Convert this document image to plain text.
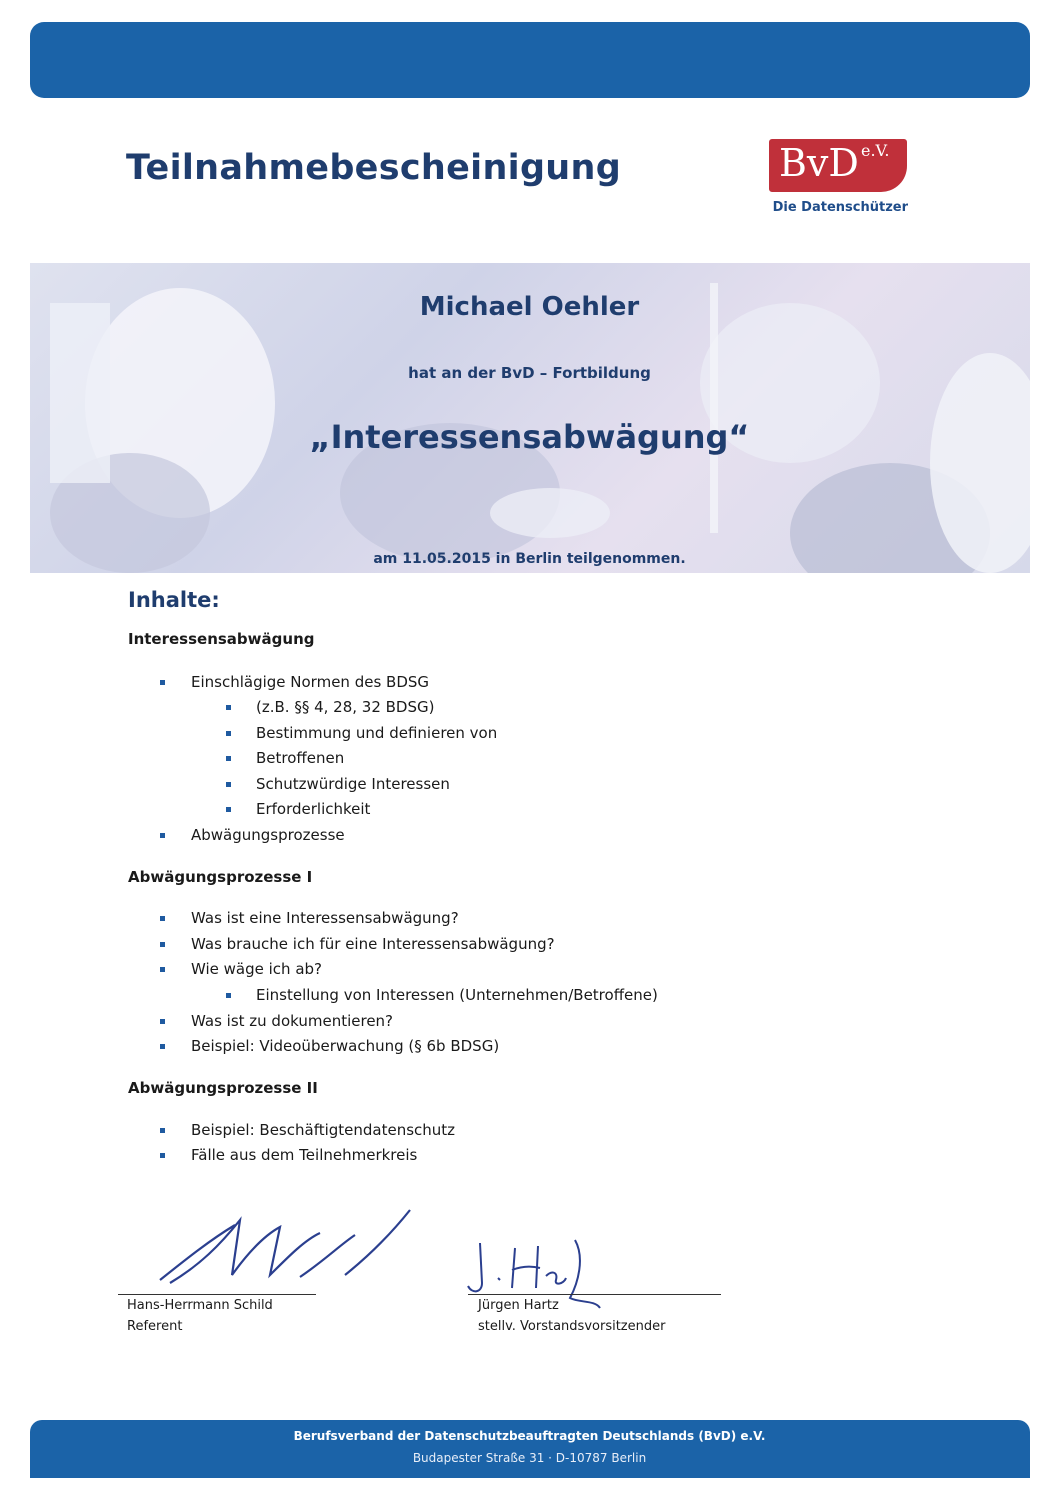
Teilnahmebescheinigung	BvD e.V.
Die Datenschützer
Michael Oehler
hat an der BvD – Fortbildung
„Interessensabwägung“
am 11.05.2015 in Berlin teilgenommen.
Inhalte:
Interessensabwägung
Einschlägige Normen des BDSG
(z.B. §§ 4, 28, 32 BDSG)
Bestimmung und definieren von
Betroffenen
Schutzwürdige Interessen
Erforderlichkeit
Abwägungsprozesse
Abwägungsprozesse I
Was ist eine Interessensabwägung?
Was brauche ich für eine Interessensabwägung?
Wie wäge ich ab?
Einstellung von Interessen (Unternehmen/Betroffene)
Was ist zu dokumentieren?
Beispiel: Videoüberwachung (§ 6b BDSG)
Abwägungsprozesse II
Beispiel: Beschäftigtendatenschutz
Fälle aus dem Teilnehmerkreis
Hans-Herrmann Schild
Referent
Jürgen Hartz
stellv. Vorstandsvorsitzender
Berufsverband der Datenschutzbeauftragten Deutschlands (BvD) e.V.
Budapester Straße 31 · D-10787 Berlin
